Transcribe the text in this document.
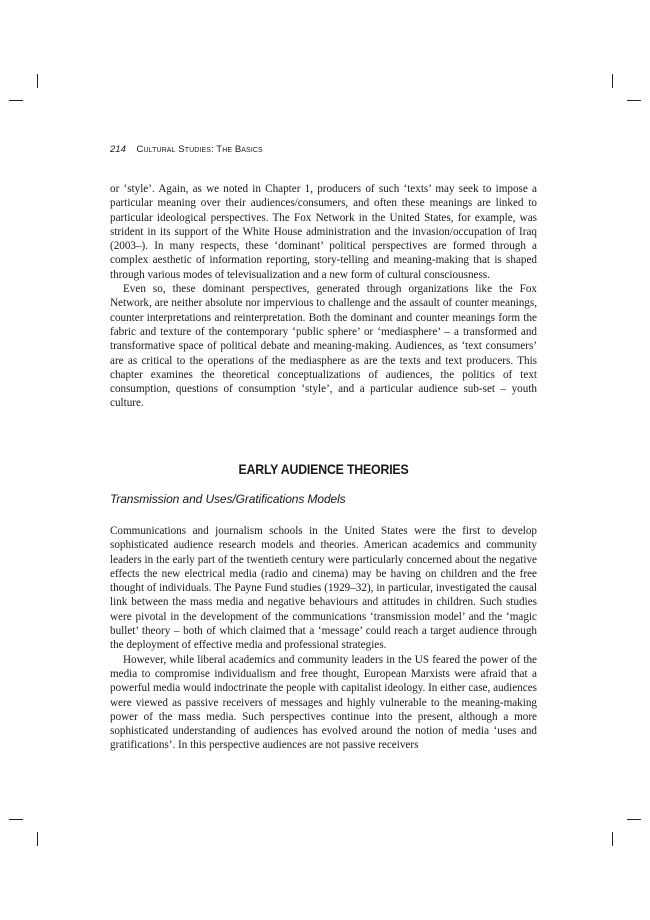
214 Cultural Studies: The Basics

or ‘style’. Again, as we noted in Chapter 1, producers of such ‘texts’ may seek to impose a particular meaning over their audiences/consumers, and often these meanings are linked to particular ideological perspectives. The Fox Network in the United States, for example, was strident in its support of the White House administration and the invasion/occupation of Iraq (2003–). In many respects, these ‘dominant’ political perspectives are formed through a complex aesthetic of information reporting, story-telling and meaning-making that is shaped through various modes of televisualization and a new form of cultural consciousness.

Even so, these dominant perspectives, generated through organizations like the Fox Network, are neither absolute nor impervious to challenge and the assault of counter meanings, counter interpretations and reinterpretation. Both the dominant and counter meanings form the fabric and texture of the contemporary ‘public sphere’ or ‘mediasphere’ – a transformed and transformative space of political debate and meaning-making. Audiences, as ‘text consumers’ are as critical to the operations of the mediasphere as are the texts and text producers. This chapter examines the theoretical conceptualizations of audiences, the politics of text consumption, questions of consumption ‘style’, and a particular audience sub-set – youth culture.

EARLY AUDIENCE THEORIES
Transmission and Uses/Gratifications Models

Communications and journalism schools in the United States were the first to develop sophisticated audience research models and theories. American academics and community leaders in the early part of the twentieth century were particularly concerned about the negative effects the new electrical media (radio and cinema) may be having on children and the free thought of individuals. The Payne Fund studies (1929–32), in particular, investigated the causal link between the mass media and negative behaviours and attitudes in children. Such studies were pivotal in the development of the communications ‘transmission model’ and the ‘magic bullet’ theory – both of which claimed that a ‘message’ could reach a target audience through the deployment of effective media and professional strategies.

However, while liberal academics and community leaders in the US feared the power of the media to compromise individualism and free thought, European Marxists were afraid that a powerful media would indoctrinate the people with capitalist ideology. In either case, audiences were viewed as passive receivers of messages and highly vulnerable to the meaning-making power of the mass media. Such perspectives continue into the present, although a more sophisticated understanding of audiences has evolved around the notion of media ‘uses and gratifications’. In this perspective audiences are not passive receivers
